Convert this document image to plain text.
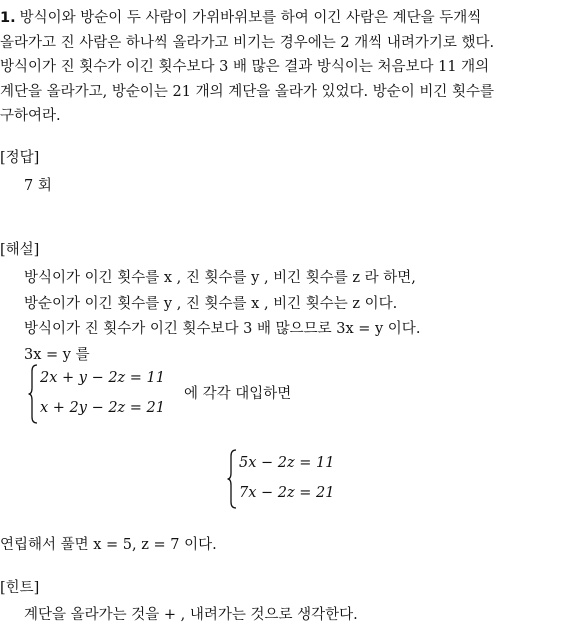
1. 방식이와 방순이 두 사람이 가위바위보를 하여 이긴 사람은 계단을 두개씩
올라가고 진 사람은 하나씩 올라가고 비기는 경우에는 2 개씩 내려가기로 했다.
방식이가 진 횟수가 이긴 횟수보다 3 배 많은 결과 방식이는 처음보다 11 개의
계단을 올라가고, 방순이는 21 개의 계단을 올라가 있었다. 방순이 비긴 횟수를
구하여라.
[정답]
7 회
[해설]
방식이가 이긴 횟수를 x , 진 횟수를 y , 비긴 횟수를 z 라 하면,
방순이가 이긴 횟수를 y , 진 횟수를 x , 비긴 횟수는 z 이다.
방식이가 진 횟수가 이긴 횟수보다 3 배 많으므로 3x = y 이다.
3x = y 를
2x + y − 2z = 11
x + 2y − 2z = 21
에 각각 대입하면
5x − 2z = 11
7x − 2z = 21
연립해서 풀면 x = 5, z = 7 이다.
[힌트]
계단을 올라가는 것을 + , 내려가는 것으로 생각한다.
